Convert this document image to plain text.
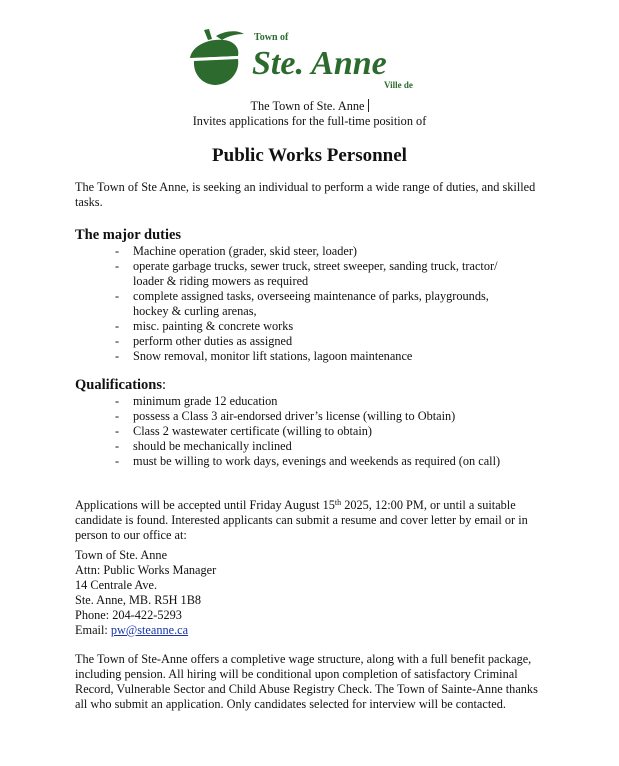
Town of
Ste. Anne
Ville de
The Town of Ste. Anne
Invites applications for the full-time position of
Public Works Personnel

The Town of Ste Anne, is seeking an individual to perform a wide range of duties, and skilled tasks.

The major duties
- Machine operation (grader, skid steer, loader)
- operate garbage trucks, sewer truck, street sweeper, sanding truck, tractor/ loader & riding mowers as required
- complete assigned tasks, overseeing maintenance of parks, playgrounds, hockey & curling arenas,
- misc. painting & concrete works
- perform other duties as assigned
- Snow removal, monitor lift stations, lagoon maintenance
Qualifications:
- minimum grade 12 education
- possess a Class 3 air-endorsed driver’s license (willing to Obtain)
- Class 2 wastewater certificate (willing to obtain)
- should be mechanically inclined
- must be willing to work days, evenings and weekends as required (on call)

Applications will be accepted until Friday August 15th 2025, 12:00 PM, or until a suitable candidate is found. Interested applicants can submit a resume and cover letter by email or in person to our office at:

Town of Ste. Anne
Attn: Public Works Manager
14 Centrale Ave.
Ste. Anne, MB. R5H 1B8
Phone: 204-422-5293
Email: pw@steanne.ca

The Town of Ste-Anne offers a completive wage structure, along with a full benefit package, including pension. All hiring will be conditional upon completion of satisfactory Criminal Record, Vulnerable Sector and Child Abuse Registry Check. The Town of Sainte-Anne thanks all who submit an application. Only candidates selected for interview will be contacted.
